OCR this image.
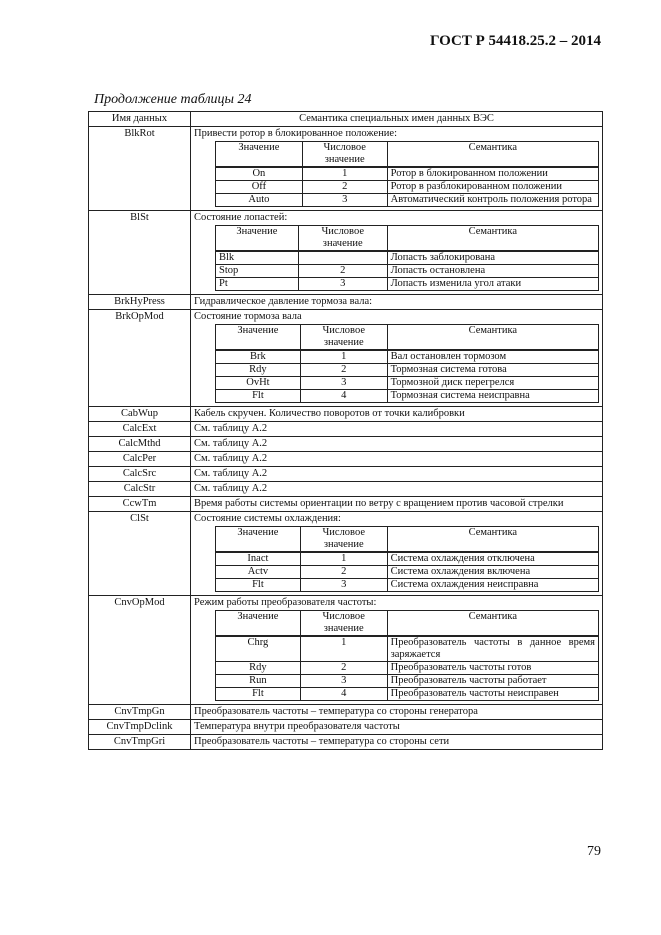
ГОСТ Р 54418.25.2 – 2014
Продолжение таблицы 24
Имя данных	Семантика специальных имен данных ВЭС
BlkRot	Привести ротор в блокированное положение:
Значение	Числовое значение	Семантика
On	1	Ротор в блокированном положении
Off	2	Ротор в разблокированном положении
Auto	3	Автоматический контроль положения ротора

BlSt	Состояние лопастей:
Значение	Числовое значение	Семантика
Blk		Лопасть заблокирована
Stop	2	Лопасть остановлена
Pt	3	Лопасть изменила угол атаки

BrkHyPress	Гидравлическое давление тормоза вала:

BrkOpMod	Состояние тормоза вала
Значение	Числовое значение	Семантика
Brk	1	Вал остановлен тормозом
Rdy	2	Тормозная система готова
OvHt	3	Тормозной диск перегрелся
Flt	4	Тормозная система неисправна

CabWup	Кабель скручен. Количество поворотов от точки калибровки

CalcExt	См. таблицу А.2

CalcMthd	См. таблицу А.2

CalcPer	См. таблицу А.2

CalcSrc	См. таблицу А.2

CalcStr	См. таблицу А.2

CcwTm	Время работы системы ориентации по ветру с вращением против часовой стрелки

ClSt	Состояние системы охлаждения:
Значение	Числовое значение	Семантика
Inact	1	Система охлаждения отключена
Actv	2	Система охлаждения включена
Flt	3	Система охлаждения неисправна

CnvOpMod	Режим работы преобразователя частоты:
Значение	Числовое значение	Семантика
Chrg	1	Преобразователь частоты в данное время заряжается
Rdy	2	Преобразователь частоты готов
Run	3	Преобразователь частоты работает
Flt	4	Преобразователь частоты неисправен

CnvTmpGn	Преобразователь частоты – температура со стороны генератора

CnvTmpDclink	Температура внутри преобразователя частоты

CnvTmpGri	Преобразователь частоты – температура со стороны сети
79
